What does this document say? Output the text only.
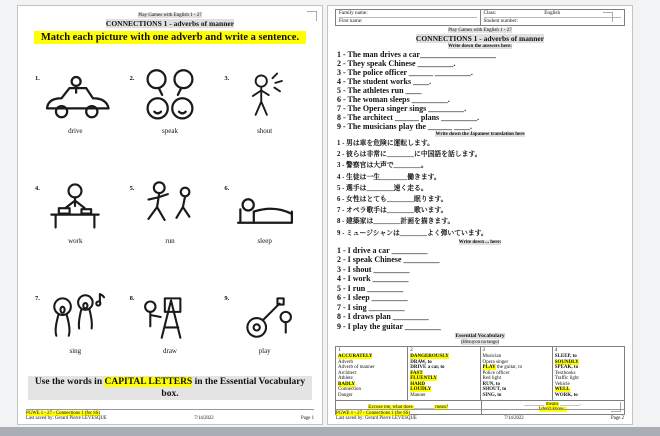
Play Games with English 1 - 27
CONNECTIONS 1 - adverbs of manner
Match each picture with one adverb and write a sentence.
1.
drive
2.
speak
3.
shout
4.
work
5.
run
6.
sleep
7.
sing
8.
draw
9.
play
Use the words in CAPITAL LETTERS in the Essential Vocabulary box.
PGWE 1 - 27 - Connections 1 (for SS)
Last saved by: Gerard Pierre LEVESQUE	7/14/2022	Page 1
Family name:
First name:
Class:	English
Student number:
Play Games with English 1 - 27
CONNECTIONS 1 - adverbs of manner
Write down the answers here:
1 - The man drives a car___________________
2 - They speak Chinese _________.
3 - The police officer ______ _________.
4 - The student works ____.
5 - The athletes run ____
6 - The woman sleeps _________.
7 - The Opera singer sings _________.
8 - The architect ______ plans _________.
9 - The musicians play the ______ ____.
Write down the Japanese translation here
1 - 男は車を危険に運転します。
2 - 彼らは非常に________に中国語を話します。
3 - 警察官は大声で________。
4 - 生徒は一生________働きます。
5 - 選手は________速く走る。
6 - 女性はとても________眠ります。
7 - オペラ歌手は________歌います。
8 - 建築家は________計画を描きます。
9 - ミュージシャンは________よく弾いています。
Write down ... here:
1 - I drive a car _________
2 - I speak Chinese _________
3 - I shout _________
4 - I work _________
5 - I run _________
6 - I sleep _________
7 - I sing _________
8 - I draws plan _________
9 - I play the guitar _________
Essential Vocabulary
(Hitsuyou na tango)
1
ACCURATELY
Adverb
Adverb of manner
Architect
Athlete
BADLY
Connection
Danger
2
DANGEROUSLY
DRAW, to
DRIVE a car, to
FAST
FLUENTLY
HARD
LOUDLY
Manner
3
Musician
Opera singer
PLAY the guitar, to
Police officer
Red light
RUN, to
SHOUT, to
SING, to
4
SLEEP, to
SOUNDLY
SPEAK, to
Textbooks
Traffic light
Vehicle
WELL
WORK, to
Excuse me, what does ________ mean?
________ means ________.
I don't know...
PGWE 1 - 27 - Connections 1 (for SS)
Last saved by: Gerard Pierre LEVESQUE	7/14/2022	Page 2
